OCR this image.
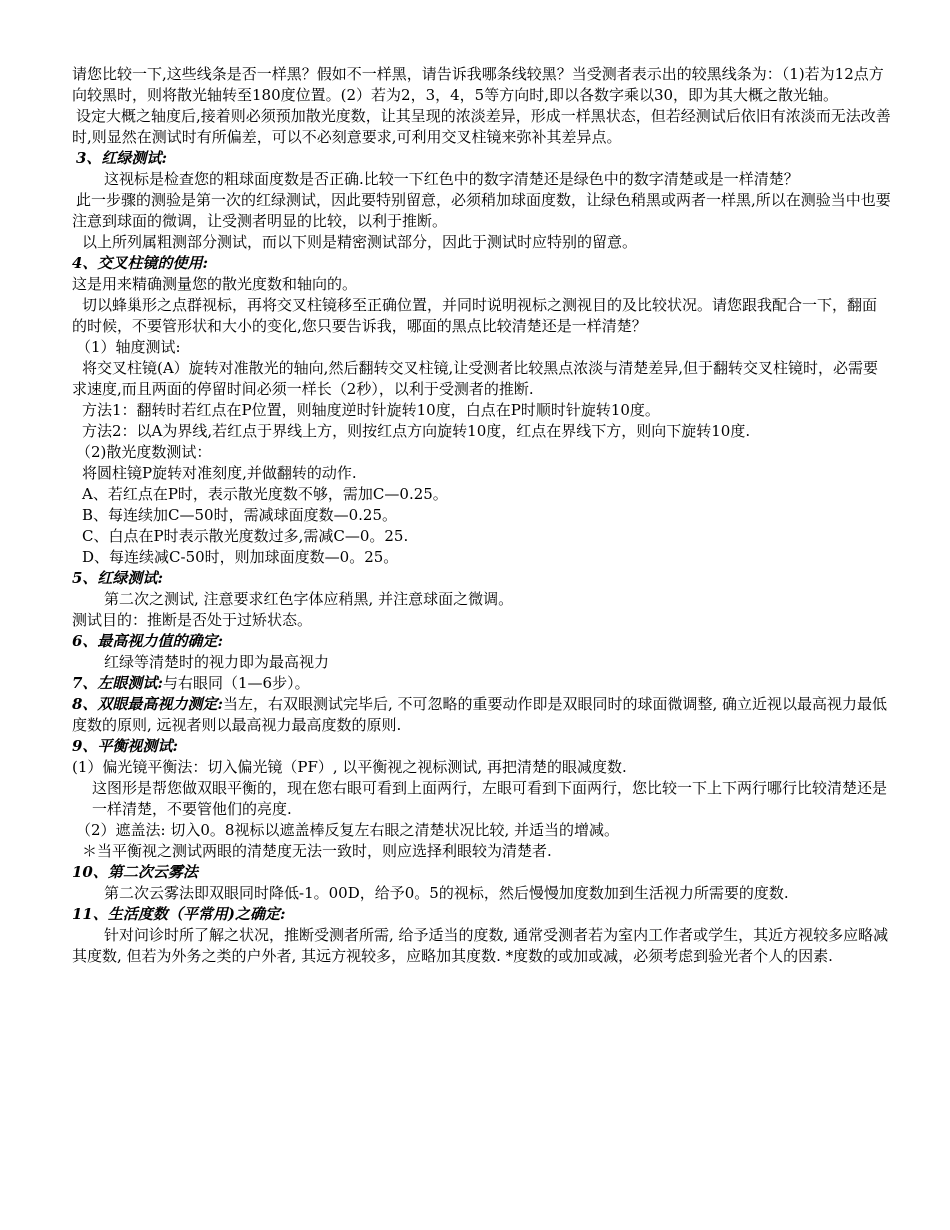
请您比较一下,这些线条是否一样黑？假如不一样黑，请告诉我哪条线较黑？当受测者表示出的较黑线条为：（1)若为12点方向较黑时，则将散光轴转至180度位置。(2）若为2，3，4，5等方向时,即以各数字乘以30，即为其大概之散光轴。

设定大概之轴度后,接着则必须预加散光度数，让其呈现的浓淡差异，形成一样黑状态，但若经测试后依旧有浓淡而无法改善时,则显然在测试时有所偏差，可以不必刻意要求,可利用交叉柱镜来弥补其差异点。

3、红绿测试:

这视标是检查您的粗球面度数是否正确.比较一下红色中的数字清楚还是绿色中的数字清楚或是一样清楚？

此一步骤的测验是第一次的红绿测试，因此要特别留意，必须稍加球面度数，让绿色稍黑或两者一样黑,所以在测验当中也要注意到球面的微调，让受测者明显的比较，以利于推断。

以上所列属粗测部分测试，而以下则是精密测试部分，因此于测试时应特别的留意。

4、交叉柱镜的使用:

这是用来精确测量您的散光度数和轴向的。

切以蜂巢形之点群视标，再将交叉柱镜移至正确位置，并同时说明视标之测视目的及比较状况。请您跟我配合一下，翻面 的时候，不要管形状和大小的变化,您只要告诉我，哪面的黑点比较清楚还是一样清楚？

（1）轴度测试:

将交叉柱镜(A）旋转对准散光的轴向,然后翻转交叉柱镜,让受测者比较黑点浓淡与清楚差异,但于翻转交叉柱镜时，必需要求速度,而且两面的停留时间必须一样长（2秒），以利于受测者的推断.

方法1：翻转时若红点在P位置，则轴度逆时针旋转10度，白点在P时顺时针旋转10度。

方法2：以A为界线,若红点于界线上方，则按红点方向旋转10度，红点在界线下方，则向下旋转10度.

（2)散光度数测试：

将圆柱镜P旋转对准刻度,并做翻转的动作.

A、若红点在P时，表示散光度数不够，需加C—0.25。

B、每连续加C—50时，需减球面度数—0.25。

C、白点在P时表示散光度数过多,需减C—0。25.

D、每连续减C-50时，则加球面度数—0。25。

5、红绿测试:

第二次之测试, 注意要求红色字体应稍黑, 并注意球面之微调。

测试目的：推断是否处于过矫状态。

6、最高视力值的确定:

红绿等清楚时的视力即为最高视力

7、左眼测试:与右眼同（1—6步）。

8、双眼最高视力测定:当左，右双眼测试完毕后, 不可忽略的重要动作即是双眼同时的球面微调整, 确立近视以最高视力最低度数的原则, 远视者则以最高视力最高度数的原则.

9、平衡视测试:

(1）偏光镜平衡法：切入偏光镜（PF）, 以平衡视之视标测试, 再把清楚的眼减度数.

这图形是帮您做双眼平衡的，现在您右眼可看到上面两行，左眼可看到下面两行，您比较一下上下两行哪行比较清楚还是一样清楚，不要管他们的亮度.

（2）遮盖法: 切入0。8视标以遮盖棒反复左右眼之清楚状况比较, 并适当的增减。

＊当平衡视之测试两眼的清楚度无法一致时，则应选择利眼较为清楚者.

10、第二次云雾法

第二次云雾法即双眼同时降低-1。00D，给予0。5的视标，然后慢慢加度数加到生活视力所需要的度数.

11、生活度数（平常用)之确定:

针对问诊时所了解之状况，推断受测者所需, 给予适当的度数, 通常受测者若为室内工作者或学生，其近方视较多应略减其度数, 但若为外务之类的户外者, 其远方视较多，应略加其度数. *度数的或加或减，必须考虑到验光者个人的因素.
